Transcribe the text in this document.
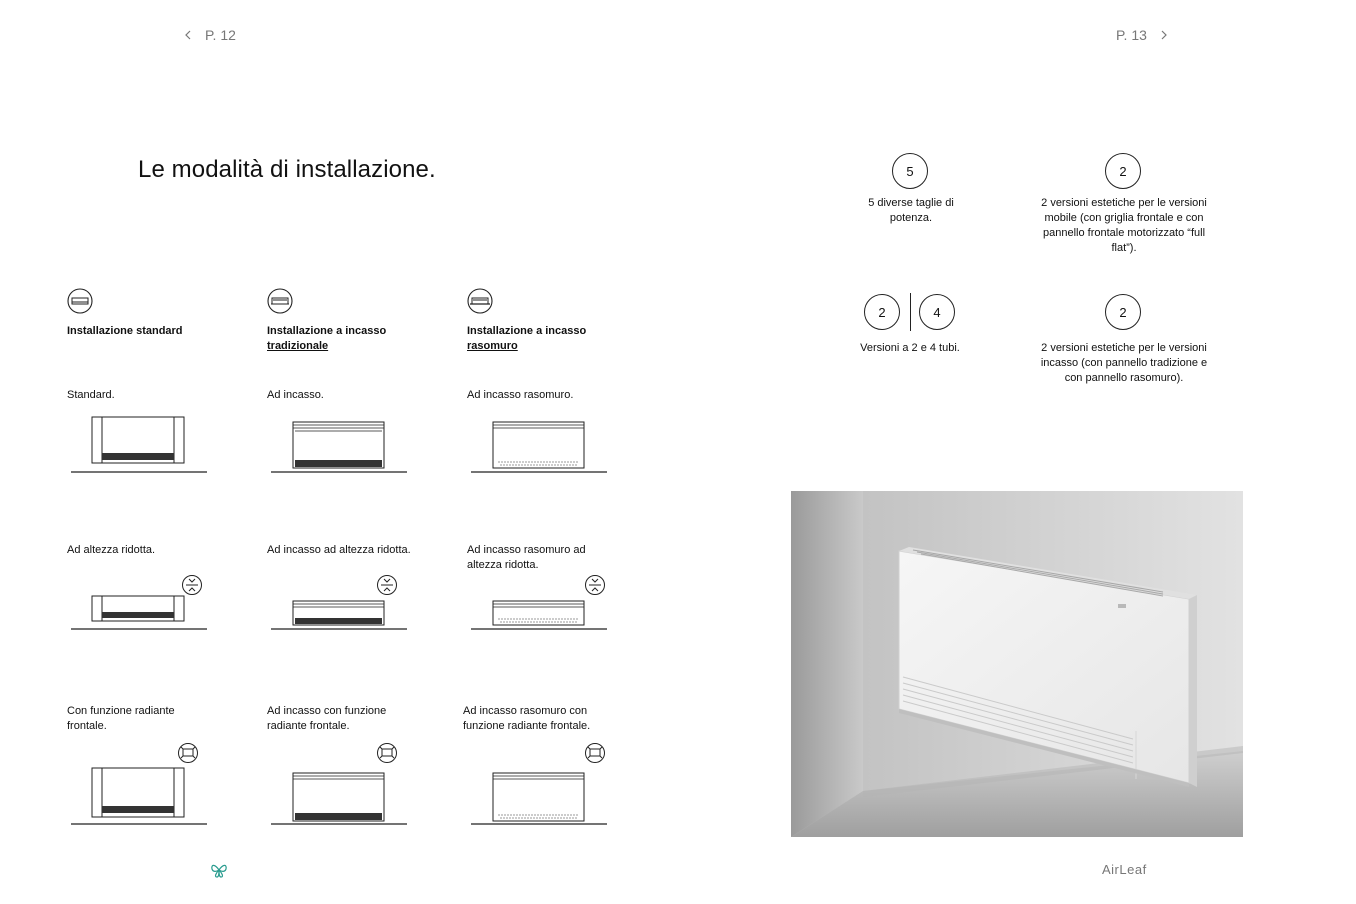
P. 12	P. 13
Le modalità di installazione.
Installazione standard	Installazione a incasso
tradizionale
Installazione a incasso
rasomuro
Standard.	Ad incasso.	Ad incasso rasomuro.
Ad altezza ridotta.	Ad incasso ad altezza ridotta.	Ad incasso rasomuro ad altezza ridotta.
Con funzione radiante frontale.
Ad incasso con funzione radiante frontale.
Ad incasso rasomuro con funzione radiante frontale.
5
5 diverse taglie di potenza.
2
2 versioni estetiche per le versioni mobile (con griglia frontale e con pannello frontale motorizzato “full flat”).
2	4
Versioni a 2 e 4 tubi.
2
2 versioni estetiche per le versioni incasso (con pannello tradizione e con pannello rasomuro).
AirLeaf
